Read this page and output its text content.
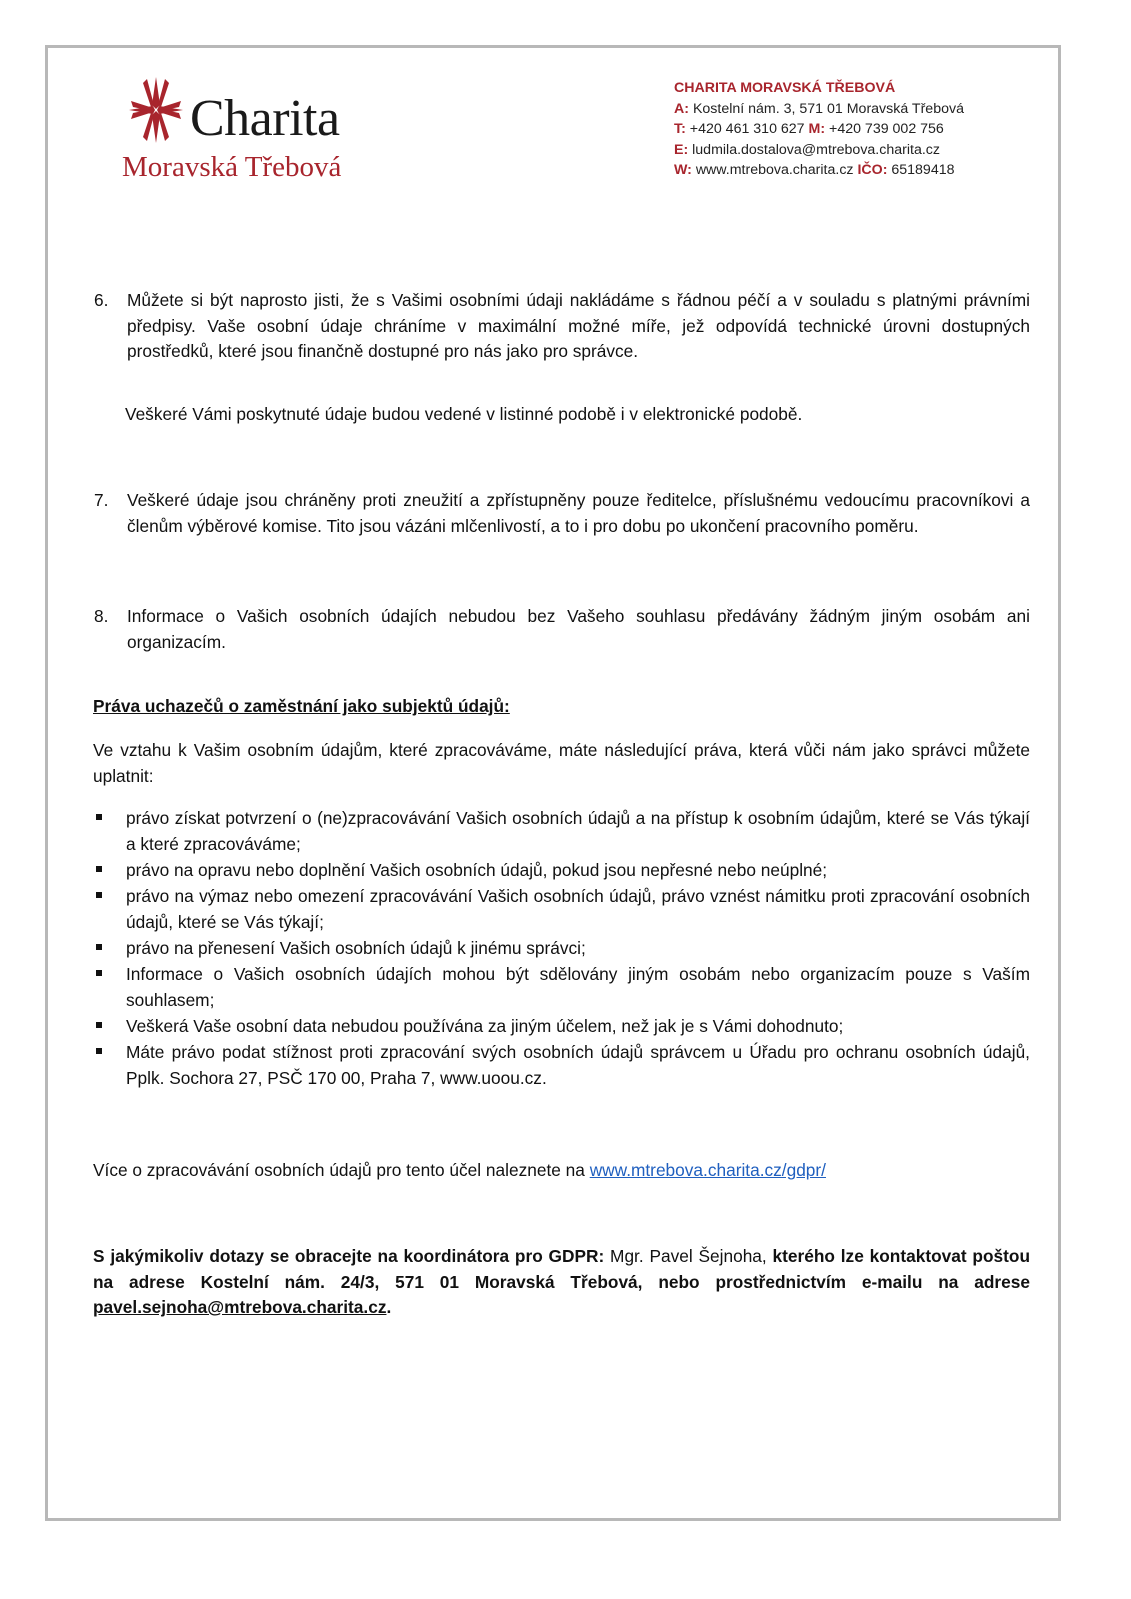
Charita
Moravská Třebová
CHARITA MORAVSKÁ TŘEBOVÁ
A: Kostelní nám. 3, 571 01 Moravská Třebová
T: +420 461 310 627 M: +420 739 002 756
E: ludmila.dostalova@mtrebova.charita.cz
W: www.mtrebova.charita.cz IČO: 65189418
6. Můžete si být naprosto jisti, že s Vašimi osobními údaji nakládáme s řádnou péčí a v souladu s platnými právními předpisy. Vaše osobní údaje chráníme v maximální možné míře, jež odpovídá technické úrovni dostupných prostředků, které jsou finančně dostupné pro nás jako pro správce.
Veškeré Vámi poskytnuté údaje budou vedené v listinné podobě i v elektronické podobě.
7. Veškeré údaje jsou chráněny proti zneužití a zpřístupněny pouze ředitelce, příslušnému vedoucímu pracovníkovi a členům výběrové komise. Tito jsou vázáni mlčenlivostí, a to i pro dobu po ukončení pracovního poměru.
8. Informace o Vašich osobních údajích nebudou bez Vašeho souhlasu předávány žádným jiným osobám ani organizacím.
Práva uchazečů o zaměstnání jako subjektů údajů:
Ve vztahu k Vašim osobním údajům, které zpracováváme, máte následující práva, která vůči nám jako správci můžete uplatnit:
právo získat potvrzení o (ne)zpracovávání Vašich osobních údajů a na přístup k osobním údajům, které se Vás týkají a které zpracováváme;
právo na opravu nebo doplnění Vašich osobních údajů, pokud jsou nepřesné nebo neúplné;
právo na výmaz nebo omezení zpracovávání Vašich osobních údajů, právo vznést námitku proti zpracování osobních údajů, které se Vás týkají;
právo na přenesení Vašich osobních údajů k jinému správci;
Informace o Vašich osobních údajích mohou být sdělovány jiným osobám nebo organizacím pouze s Vaším souhlasem;
Veškerá Vaše osobní data nebudou používána za jiným účelem, než jak je s Vámi dohodnuto;
Máte právo podat stížnost proti zpracování svých osobních údajů správcem u Úřadu pro ochranu osobních údajů, Pplk. Sochora 27, PSČ 170 00, Praha 7, www.uoou.cz.
Více o zpracovávání osobních údajů pro tento účel naleznete na www.mtrebova.charita.cz/gdpr/
S jakýmikoliv dotazy se obracejte na koordinátora pro GDPR: Mgr. Pavel Šejnoha, kterého lze kontaktovat poštou na adrese Kostelní nám. 24/3, 571 01 Moravská Třebová, nebo prostřednictvím e-mailu na adrese pavel.sejnoha@mtrebova.charita.cz.
